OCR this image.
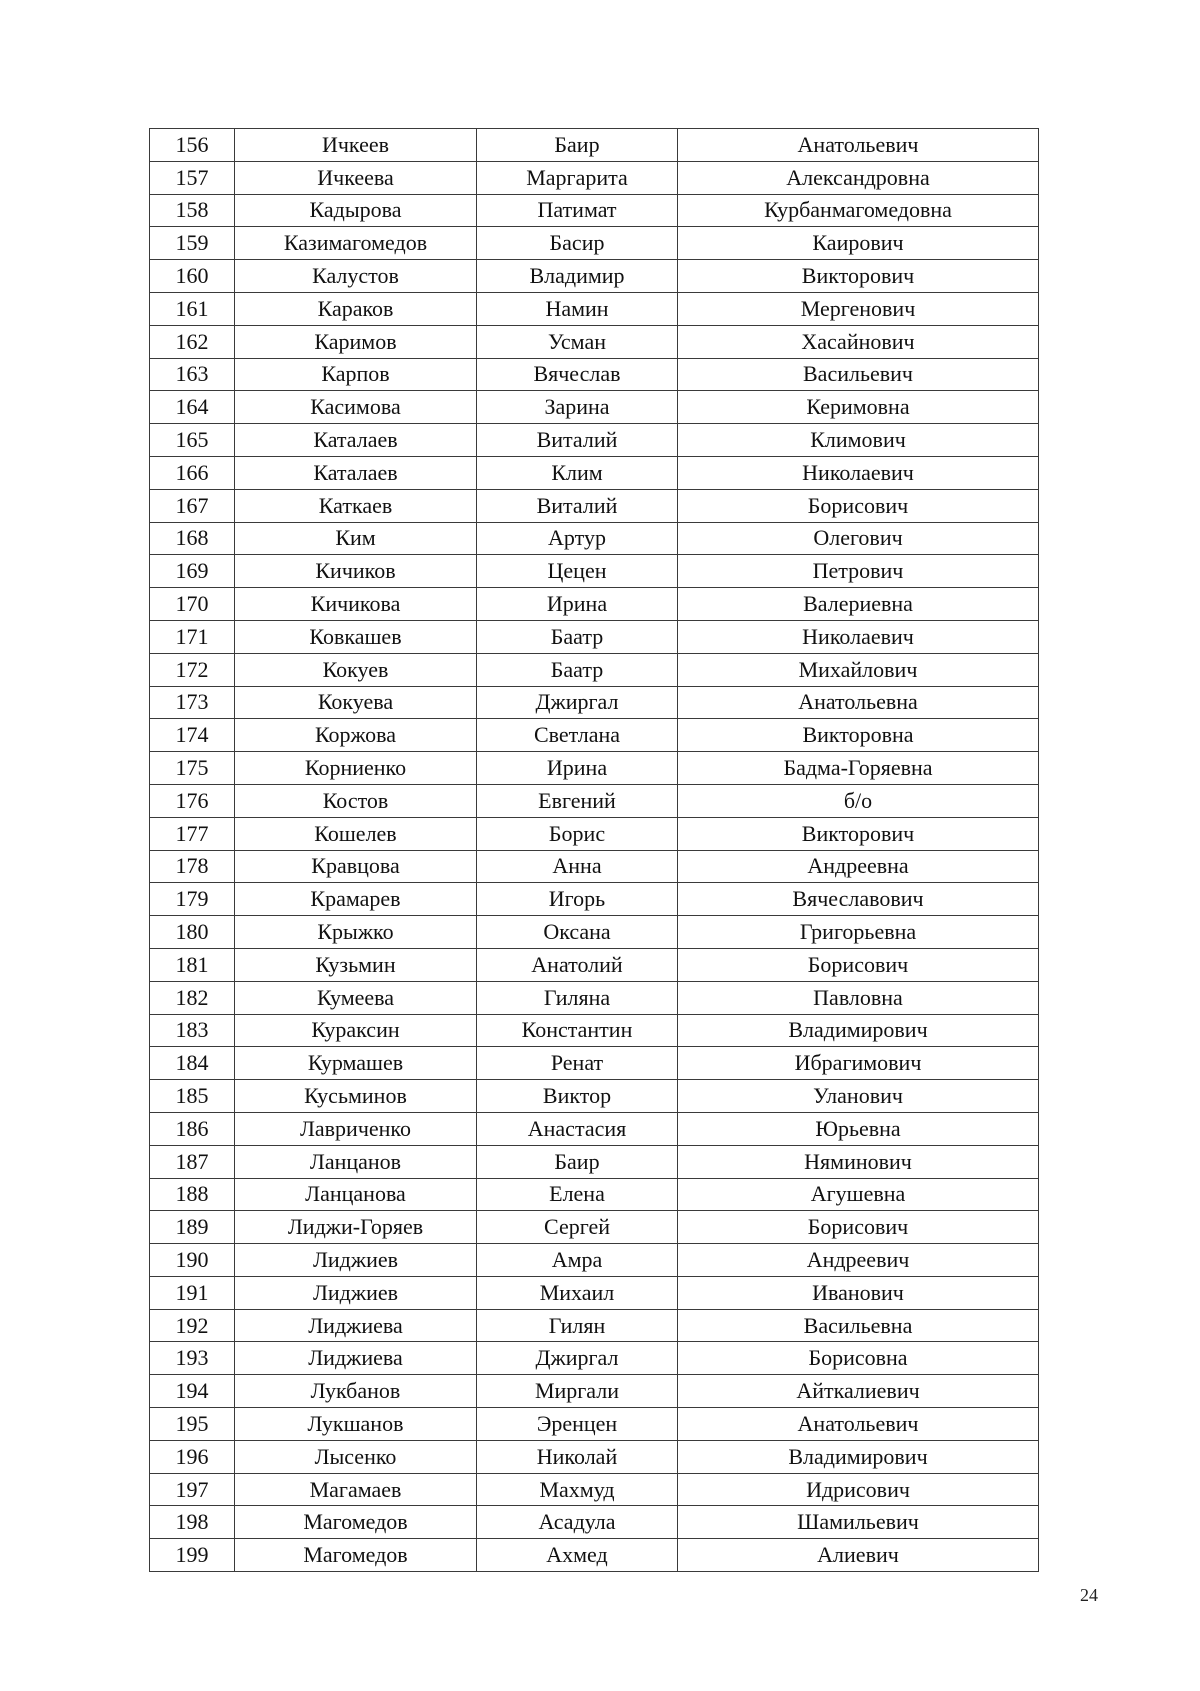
156	Ичкеев	Баир	Анатольевич
157	Ичкеева	Маргарита	Александровна
158	Кадырова	Патимат	Курбанмагомедовна
159	Казимагомедов	Басир	Каирович
160	Калустов	Владимир	Викторович
161	Караков	Намин	Мергенович
162	Каримов	Усман	Хасайнович
163	Карпов	Вячеслав	Васильевич
164	Касимова	Зарина	Керимовна
165	Каталаев	Виталий	Климович
166	Каталаев	Клим	Николаевич
167	Каткаев	Виталий	Борисович
168	Ким	Артур	Олегович
169	Кичиков	Цецен	Петрович
170	Кичикова	Ирина	Валериевна
171	Ковкашев	Баатр	Николаевич
172	Кокуев	Баатр	Михайлович
173	Кокуева	Джиргал	Анатольевна
174	Коржова	Светлана	Викторовна
175	Корниенко	Ирина	Бадма-Горяевна
176	Костов	Евгений	б/о
177	Кошелев	Борис	Викторович
178	Кравцова	Анна	Андреевна
179	Крамарев	Игорь	Вячеславович
180	Крыжко	Оксана	Григорьевна
181	Кузьмин	Анатолий	Борисович
182	Кумеева	Гиляна	Павловна
183	Кураксин	Константин	Владимирович
184	Курмашев	Ренат	Ибрагимович
185	Кусьминов	Виктор	Уланович
186	Лавриченко	Анастасия	Юрьевна
187	Ланцанов	Баир	Няминович
188	Ланцанова	Елена	Агушевна
189	Лиджи-Горяев	Сергей	Борисович
190	Лиджиев	Амра	Андреевич
191	Лиджиев	Михаил	Иванович
192	Лиджиева	Гилян	Васильевна
193	Лиджиева	Джиргал	Борисовна
194	Лукбанов	Миргали	Айткалиевич
195	Лукшанов	Эренцен	Анатольевич
196	Лысенко	Николай	Владимирович
197	Магамаев	Махмуд	Идрисович
198	Магомедов	Асадула	Шамильевич
199	Магомедов	Ахмед	Алиевич
24
